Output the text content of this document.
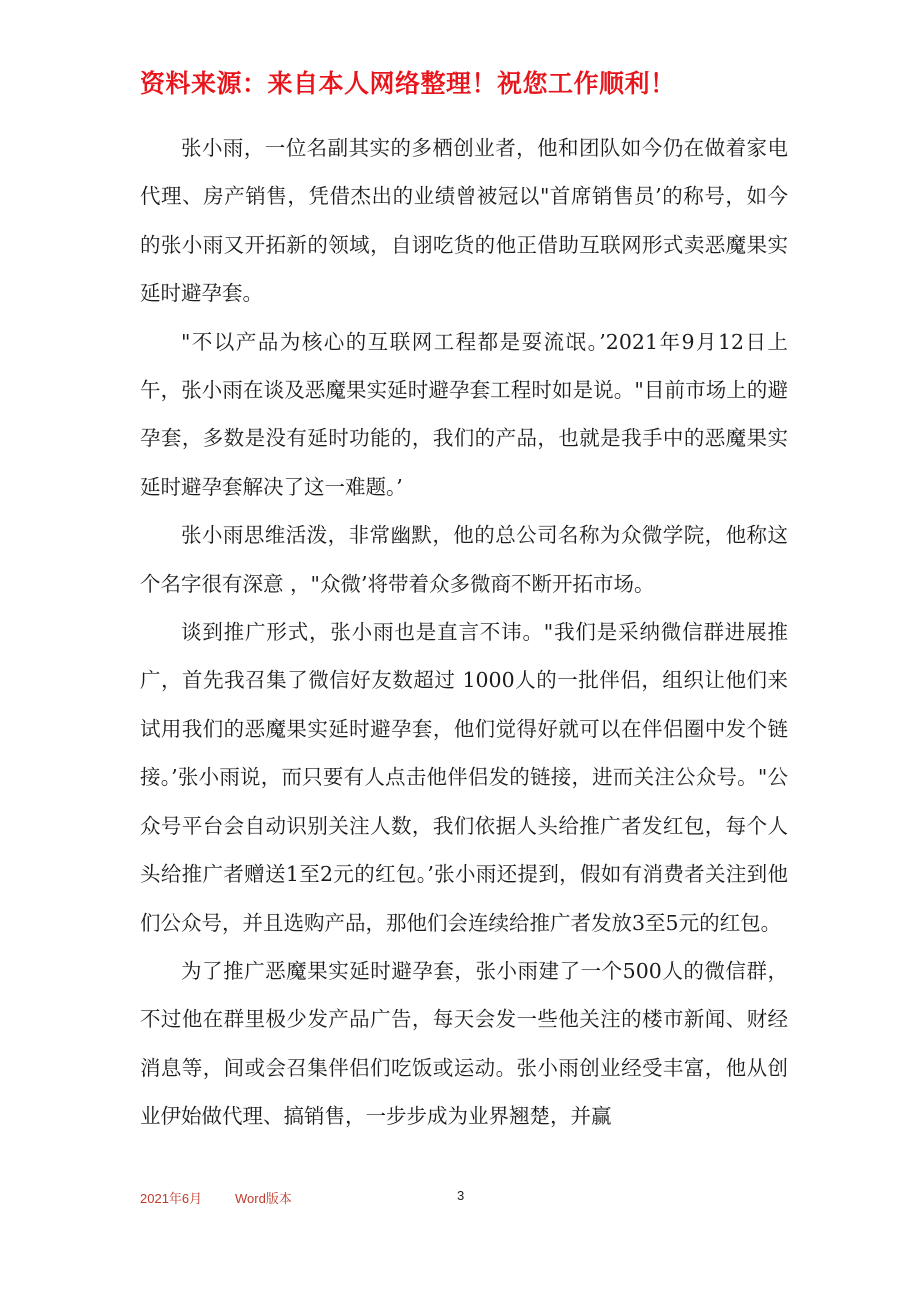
资料来源：来自本人网络整理！祝您工作顺利！

张小雨，一位名副其实的多栖创业者，他和团队如今仍在做着家电代理、房产销售，凭借杰出的业绩曾被冠以"首席销售员’的称号，如今的张小雨又开拓新的领域，自诩吃货的他正借助互联网形式卖恶魔果实延时避孕套。

"不以产品为核心的互联网工程都是耍流氓。’2021年9月12日上午，张小雨在谈及恶魔果实延时避孕套工程时如是说。"目前市场上的避孕套，多数是没有延时功能的，我们的产品，也就是我手中的恶魔果实延时避孕套解决了这一难题。’

张小雨思维活泼，非常幽默，他的总公司名称为众微学院，他称这个名字很有深意 ，"众微’将带着众多微商不断开拓市场。

谈到推广形式，张小雨也是直言不讳。"我们是采纳微信群进展推广，首先我召集了微信好友数超过 1000人的一批伴侣，组织让他们来试用我们的恶魔果实延时避孕套，他们觉得好就可以在伴侣圈中发个链接。’张小雨说，而只要有人点击他伴侣发的链接，进而关注公众号。"公众号平台会自动识别关注人数，我们依据人头给推广者发红包，每个人头给推广者赠送1至2元的红包。’张小雨还提到，假如有消费者关注到他们公众号，并且选购产品，那他们会连续给推广者发放3至5元的红包。

为了推广恶魔果实延时避孕套，张小雨建了一个500人的微信群，不过他在群里极少发产品广告，每天会发一些他关注的楼市新闻、财经消息等，间或会召集伴侣们吃饭或运动。张小雨创业经受丰富，他从创业伊始做代理、搞销售，一步步成为业界翘楚，并赢

2021年6月	Word版本	3
